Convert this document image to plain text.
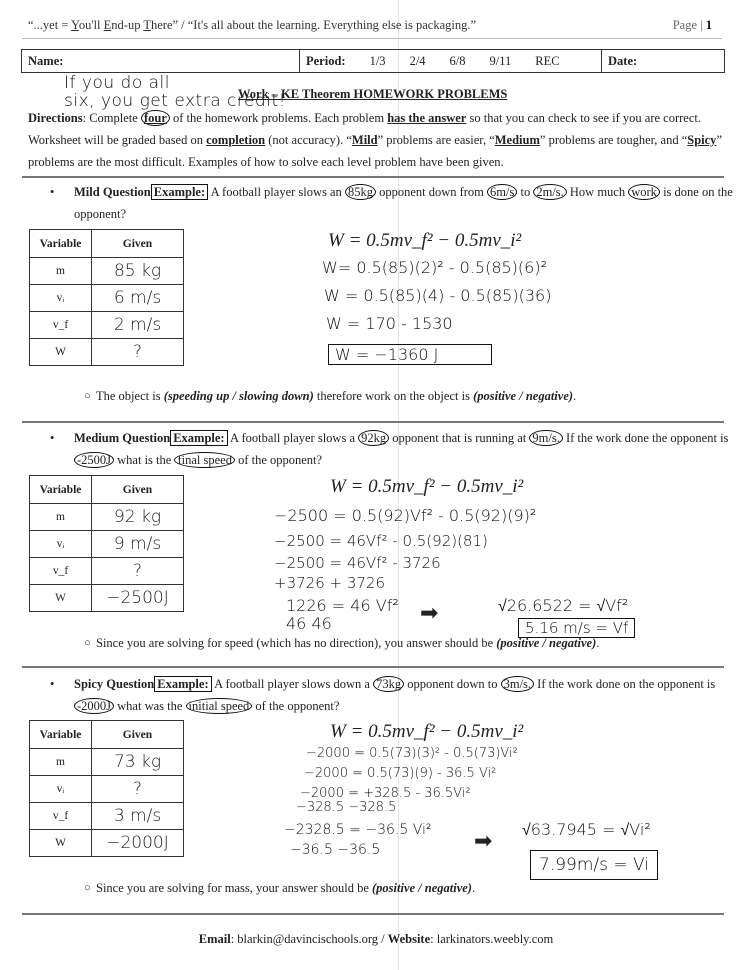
“...yet = You'll End-up There” / “It's all about the learning. Everything else is packaging.”	Page | 1
Name:	Period: 1/3 2/4 6/8 9/11 REC	Date:
If you do all
six, you get extra credit!
Work – KE Theorem HOMEWORK PROBLEMS
Directions: Complete four of the homework problems. Each problem has the answer so that you can check to see if you are correct. Worksheet will be graded based on completion (not accuracy). “Mild” problems are easier, “Medium” problems are tougher, and “Spicy” problems are the most difficult. Examples of how to solve each level problem have been given.
• Mild Question Example: A football player slows an 85kg opponent down from 6m/s to 2m/s. How much work is done on the opponent?
Variable	Given
m	85 kg
vᵢ	6 m/s
v_f	2 m/s
W	?
W = 0.5mv_f² − 0.5mv_i²
W= 0.5(85)(2)² - 0.5(85)(6)²
W = 0.5(85)(4) - 0.5(85)(36)
W = 170 - 1530
W = −1360 J
○ The object is (speeding up / slowing down) therefore work on the object is (positive / negative).
• Medium Question Example: A football player slows a 92kg opponent that is running at 9m/s. If the work done the opponent is -2500J what is the final speed of the opponent?
Variable	Given
m	92 kg
vᵢ	9 m/s
v_f	?
W	−2500J
W = 0.5mv_f² − 0.5mv_i²
−2500 = 0.5(92)Vf² - 0.5(92)(9)²
−2500 = 46Vf² - 0.5(92)(81)
−2500 = 46Vf² - 3726
+3726 + 3726
1226 = 46 Vf²
46 46	➡	√26.6522 = √Vf²
5.16 m/s = Vf
○ Since you are solving for speed (which has no direction), you answer should be (positive / negative).
• Spicy Question Example: A football player slows down a 73kg opponent down to 3m/s. If the work done on the opponent is -2000J what was the initial speed of the opponent?
Variable	Given
m	73 kg
vᵢ	?
v_f	3 m/s
W	−2000J
W = 0.5mv_f² − 0.5mv_i²
−2000 = 0.5(73)(3)² - 0.5(73)Vi²
−2000 = 0.5(73)(9) - 36.5 Vi²
−2000 = +328.5 - 36.5Vi²
−328.5 −328.5
−2328.5 = −36.5 Vi²
−36.5 −36.5	➡ √63.7945 = √Vi²
7.99m/s = Vi
○ Since you are solving for mass, your answer should be (positive / negative).
Email: blarkin@davincischools.org / Website: larkinators.weebly.com
